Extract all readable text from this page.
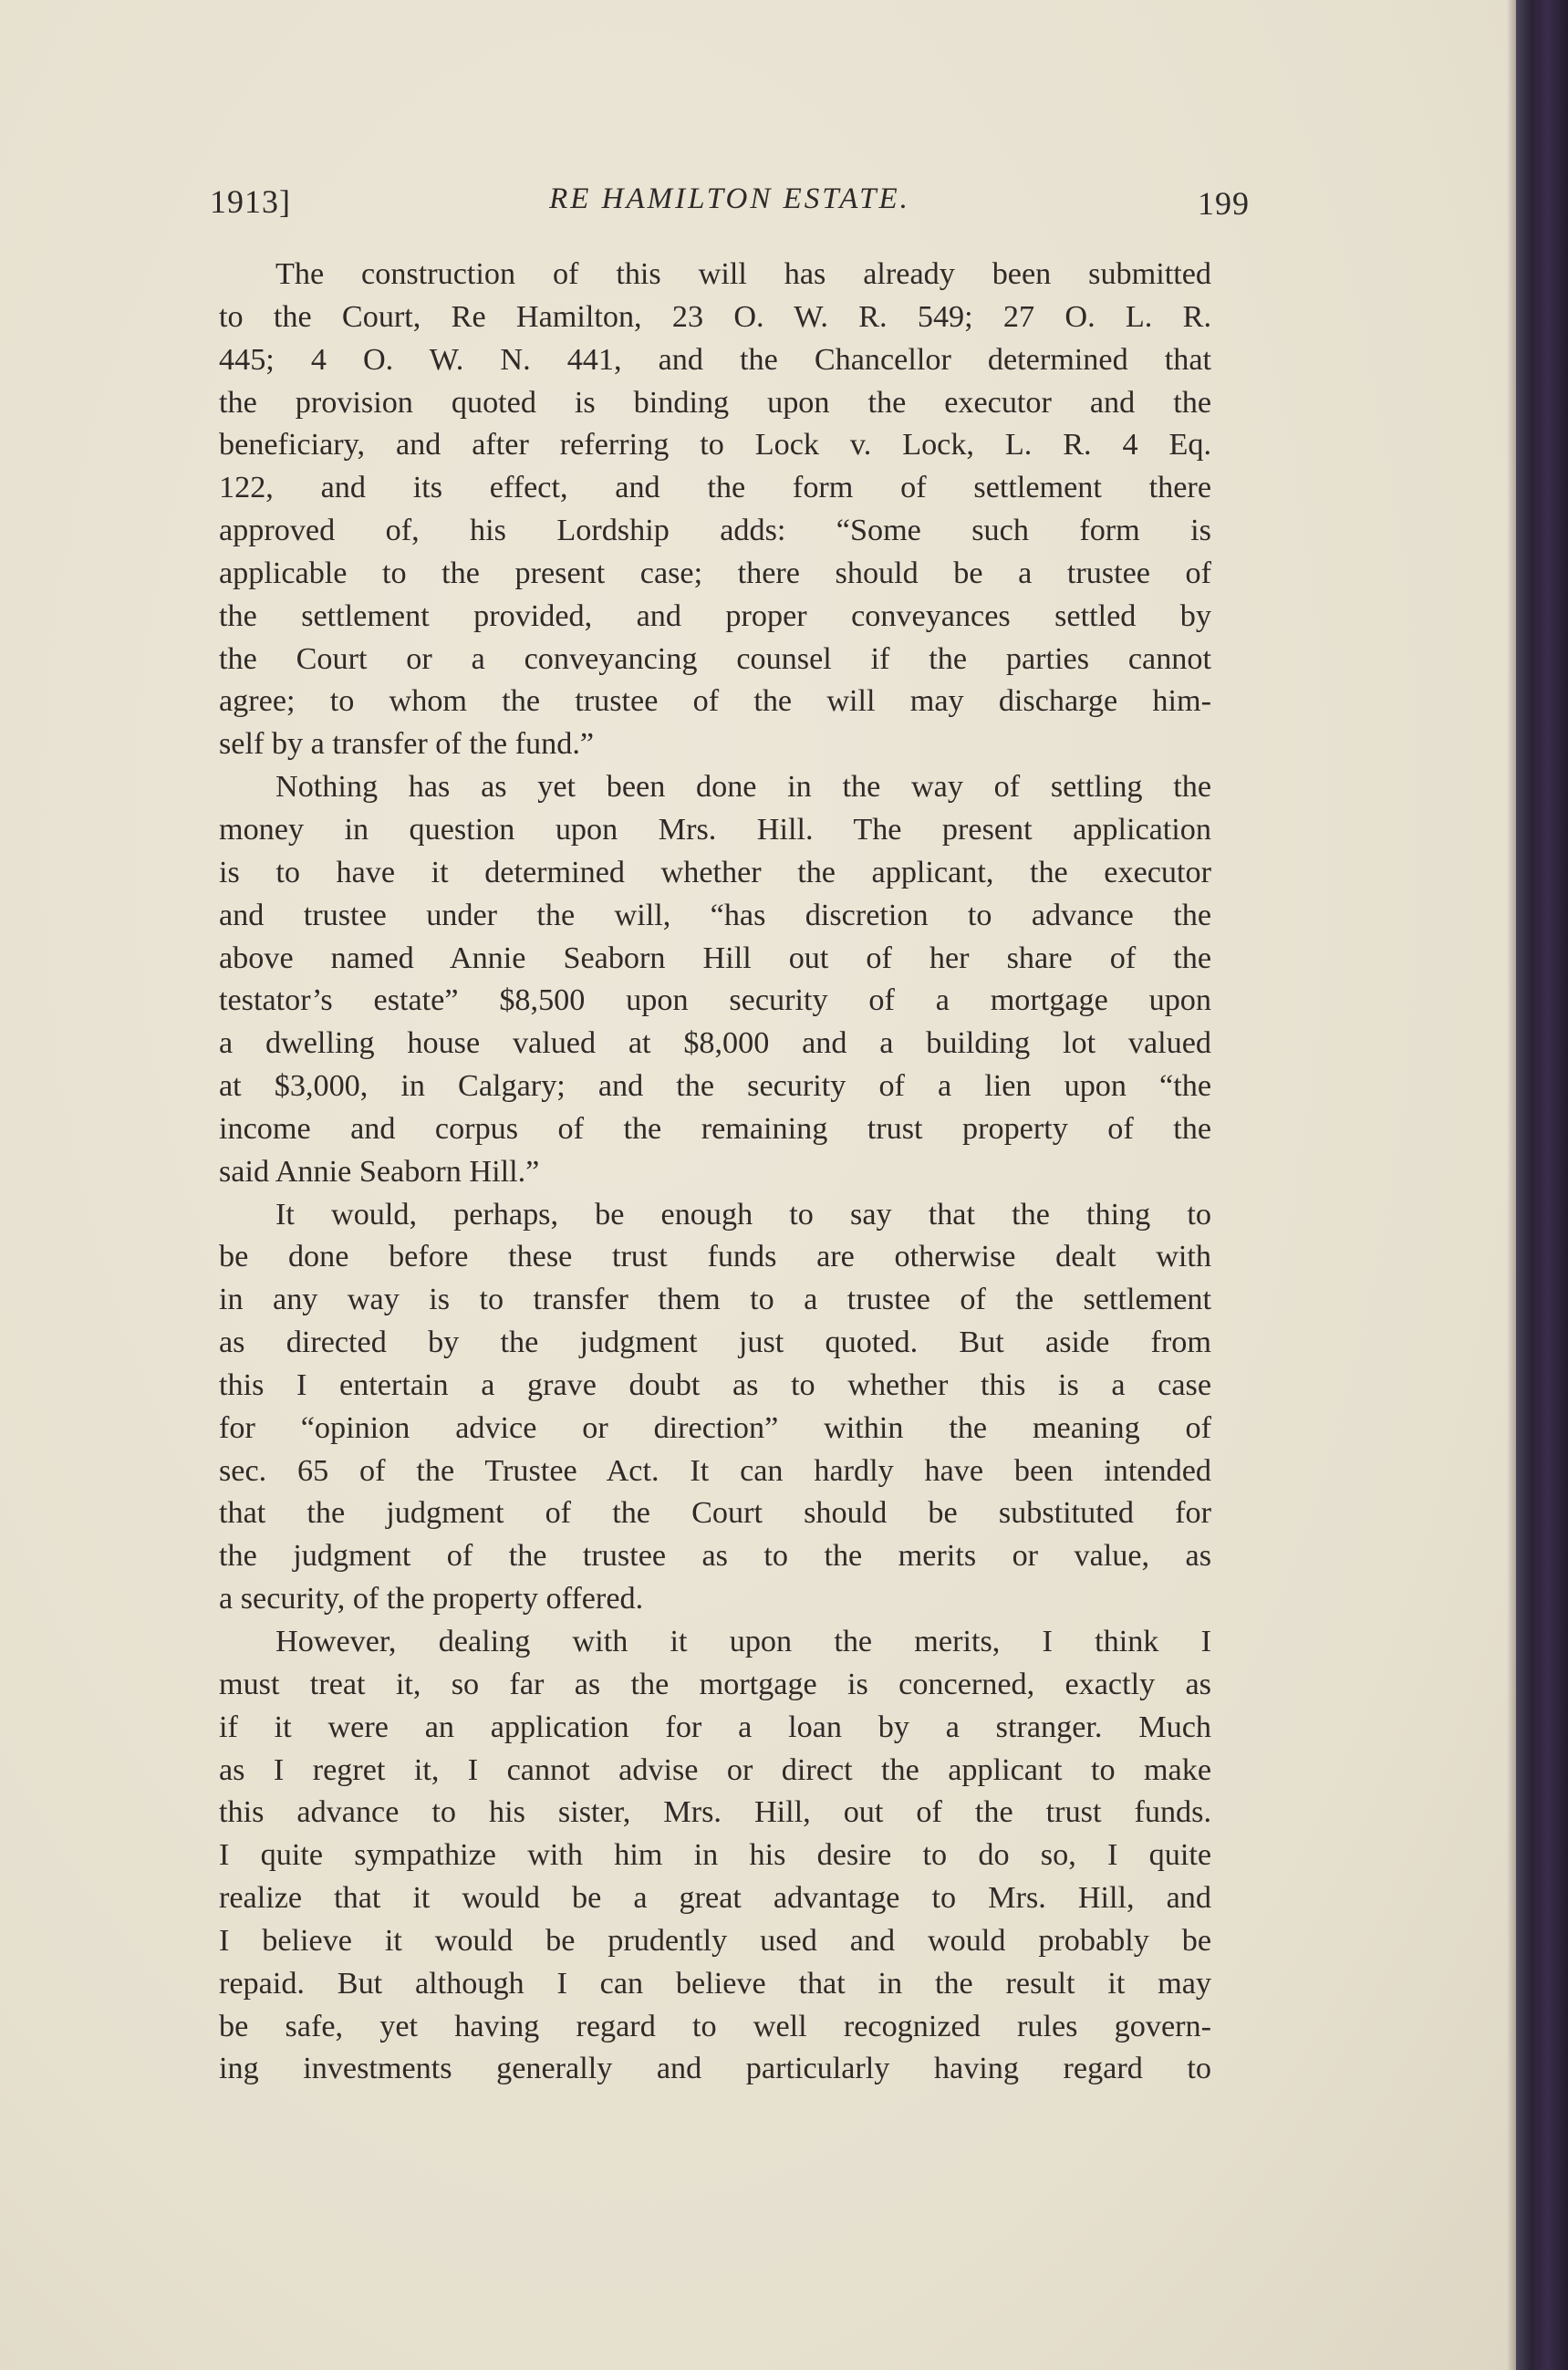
1913]	RE HAMILTON ESTATE.	199
The construction of this will has already been submitted
to the Court, Re Hamilton, 23 O. W. R. 549; 27 O. L. R.
445; 4 O. W. N. 441, and the Chancellor determined that
the provision quoted is binding upon the executor and the
beneficiary, and after referring to Lock v. Lock, L. R. 4 Eq.
122, and its effect, and the form of settlement there
approved of, his Lordship adds: “Some such form is
applicable to the present case; there should be a trustee of
the settlement provided, and proper conveyances settled by
the Court or a conveyancing counsel if the parties cannot
agree; to whom the trustee of the will may discharge him-
self by a transfer of the fund.”
Nothing has as yet been done in the way of settling the
money in question upon Mrs. Hill. The present application
is to have it determined whether the applicant, the executor
and trustee under the will, “has discretion to advance the
above named Annie Seaborn Hill out of her share of the
testator’s estate” $8,500 upon security of a mortgage upon
a dwelling house valued at $8,000 and a building lot valued
at $3,000, in Calgary; and the security of a lien upon “the
income and corpus of the remaining trust property of the
said Annie Seaborn Hill.”
It would, perhaps, be enough to say that the thing to
be done before these trust funds are otherwise dealt with
in any way is to transfer them to a trustee of the settlement
as directed by the judgment just quoted. But aside from
this I entertain a grave doubt as to whether this is a case
for “opinion advice or direction” within the meaning of
sec. 65 of the Trustee Act. It can hardly have been intended
that the judgment of the Court should be substituted for
the judgment of the trustee as to the merits or value, as
a security, of the property offered.
However, dealing with it upon the merits, I think I
must treat it, so far as the mortgage is concerned, exactly as
if it were an application for a loan by a stranger. Much
as I regret it, I cannot advise or direct the applicant to make
this advance to his sister, Mrs. Hill, out of the trust funds.
I quite sympathize with him in his desire to do so, I quite
realize that it would be a great advantage to Mrs. Hill, and
I believe it would be prudently used and would probably be
repaid. But although I can believe that in the result it may
be safe, yet having regard to well recognized rules govern-
ing investments generally and particularly having regard to
